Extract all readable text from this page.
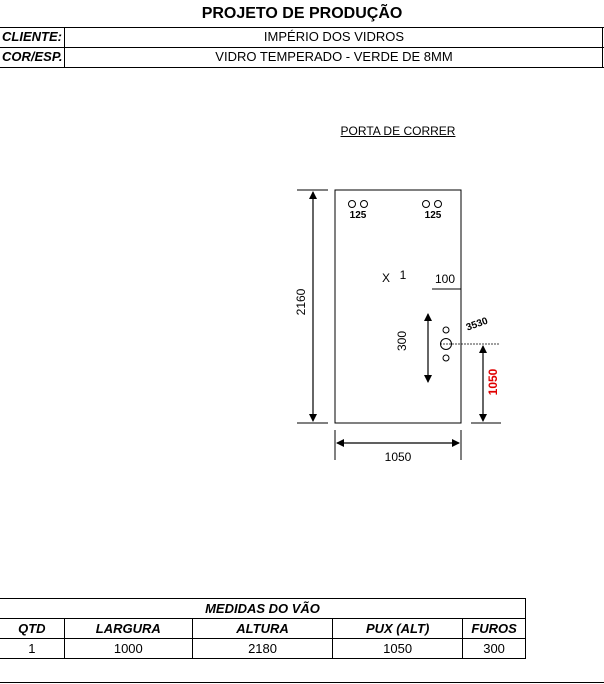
PROJETO DE PRODUÇÃO
CLIENTE:	IMPÉRIO DOS VIDROS
COR/ESP.	VIDRO TEMPERADO - VERDE DE 8MM
PORTA DE CORRER
125	125
X 1 100
300
3530
1050
2160
1050
MEDIDAS DO VÃO				
QTD	LARGURA	ALTURA	PUX (ALT)	FUROS
1	1000	2180	1050	300
